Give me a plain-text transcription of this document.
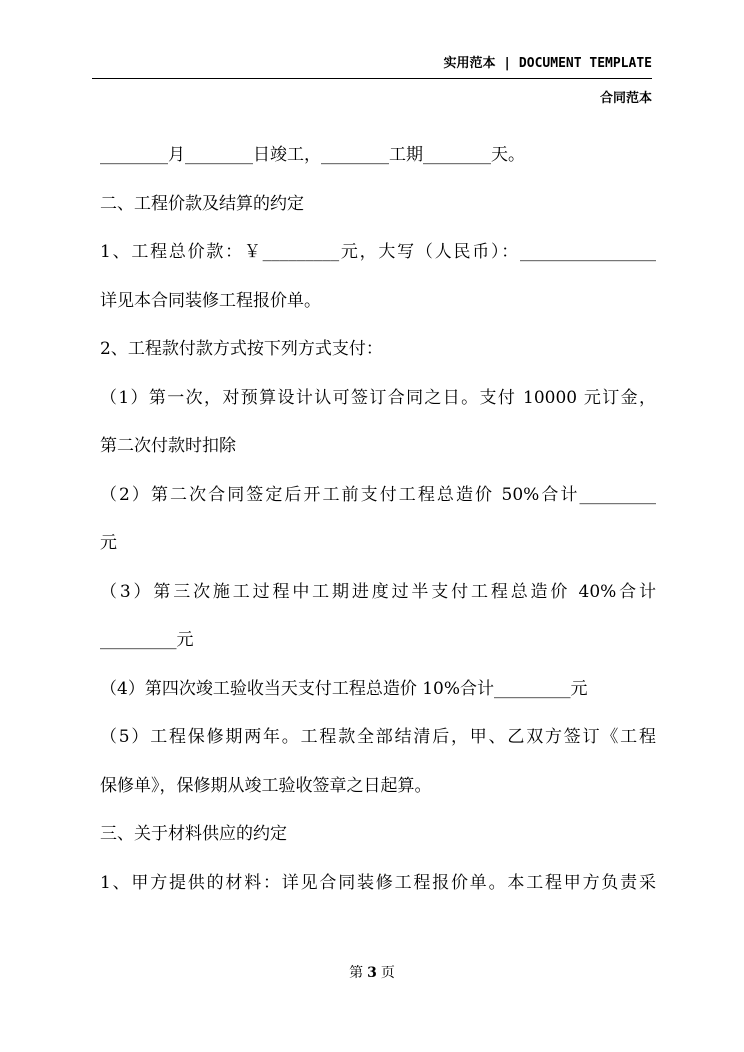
实用范本 | DOCUMENT TEMPLATE
合同范本
________月________日竣工，________工期________天。
二、工程价款及结算的约定
1、工程总价款：￥_________元，大写（人民币）：________________
详见本合同装修工程报价单。
2、工程款付款方式按下列方式支付：
（1）第一次，对预算设计认可签订合同之日。支付 10000 元订金，
第二次付款时扣除
（2）第二次合同签定后开工前支付工程总造价 50%合计_________
元
（3）第三次施工过程中工期进度过半支付工程总造价 40%合计
_________元
（4）第四次竣工验收当天支付工程总造价 10%合计_________元
（5）工程保修期两年。工程款全部结清后，甲、乙双方签订《工程
保修单》，保修期从竣工验收签章之日起算。
三、关于材料供应的约定
1、甲方提供的材料：详见合同装修工程报价单。本工程甲方负责采
第 3 页
